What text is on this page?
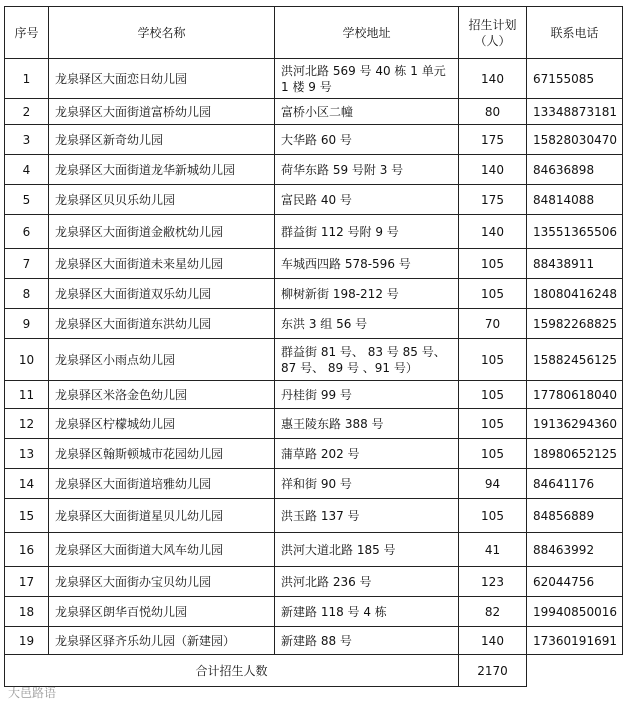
序号	学校名称	学校地址	招生计划（人）	联系电话
1	龙泉驿区大面恋日幼儿园	洪河北路 569 号 40 栋 1 单元 1 楼 9 号	140	67155085
2	龙泉驿区大面街道富桥幼儿园	富桥小区二幢	80	13348873181
3	龙泉驿区新奇幼儿园	大华路 60 号	175	15828030470
4	龙泉驿区大面街道龙华新城幼儿园	荷华东路 59 号附 3 号	140	84636898
5	龙泉驿区贝贝乐幼儿园	富民路 40 号	175	84814088
6	龙泉驿区大面街道金敝枕幼儿园	群益街 112 号附 9 号	140	13551365506
7	龙泉驿区大面街道未来星幼儿园	车城西四路 578-596 号	105	88438911
8	龙泉驿区大面街道双乐幼儿园	柳树新街 198-212 号	105	18080416248
9	龙泉驿区大面街道东洪幼儿园	东洪 3 组 56 号	70	15982268825
10	龙泉驿区小雨点幼儿园	群益街 81 号、 83 号 85 号、 87 号、 89 号 、91 号）	105	15882456125
11	龙泉驿区米洛金色幼儿园	丹桂街 99 号	105	17780618040
12	龙泉驿区柠檬城幼儿园	惠王陵东路 388 号	105	19136294360
13	龙泉驿区翰斯顿城市花园幼儿园	蒲草路 202 号	105	18980652125
14	龙泉驿区大面街道培雅幼儿园	祥和街 90 号	94	84641176
15	龙泉驿区大面街道星贝儿幼儿园	洪玉路 137 号	105	84856889
16	龙泉驿区大面街道大风车幼儿园	洪河大道北路 185 号	41	88463992
17	龙泉驿区大面街办宝贝幼儿园	洪河北路 236 号	123	62044756
18	龙泉驿区朗华百悦幼儿园	新建路 118 号 4 栋	82	19940850016
19	龙泉驿区驿齐乐幼儿园（新建园）	新建路 88 号	140	17360191691
合计招生人数			2170	
大邑路语
